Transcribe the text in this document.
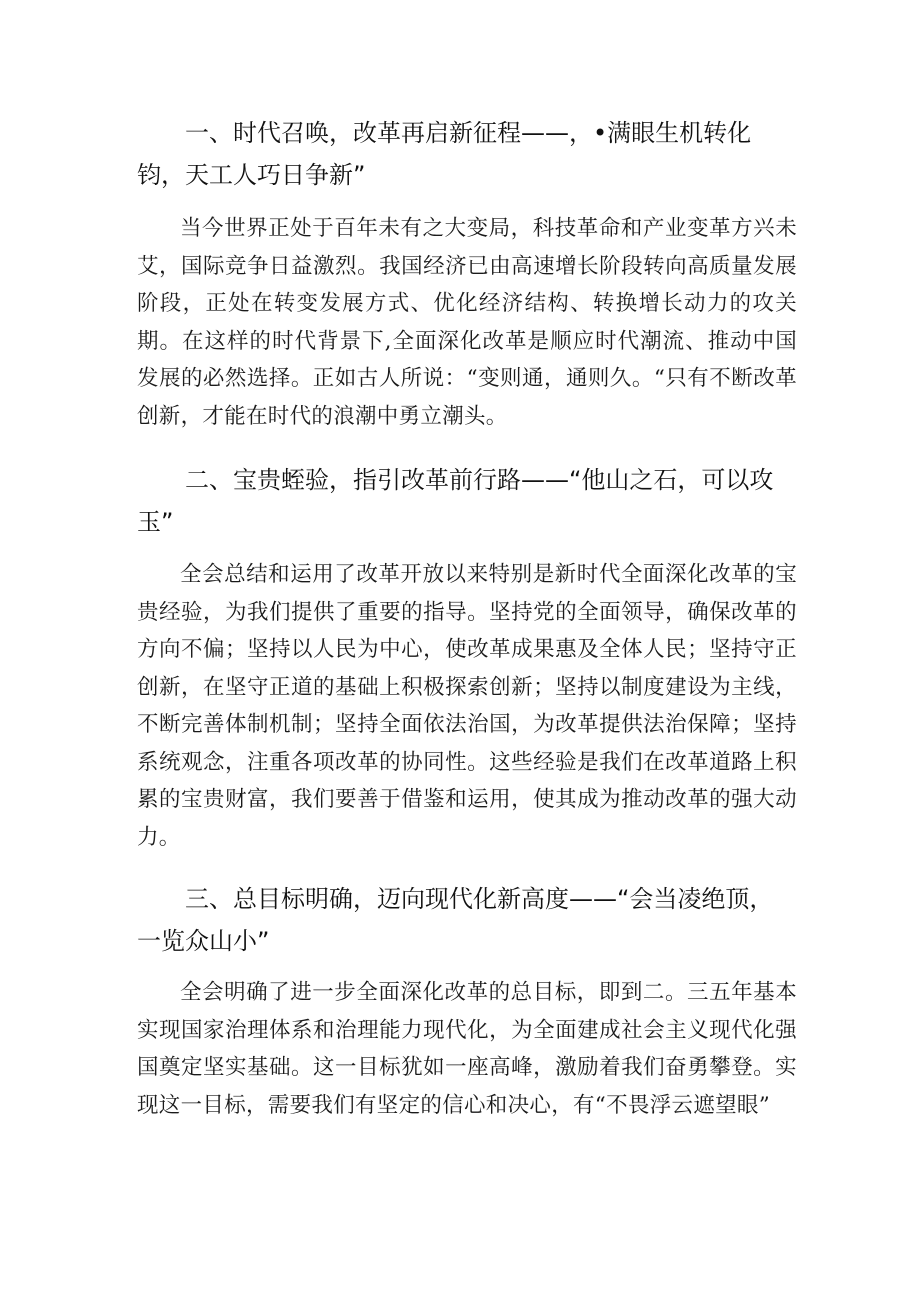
一、时代召唤，改革再启新征程——，•满眼生机转化钧，天工人巧日争新”

当今世界正处于百年未有之大变局，科技革命和产业变革方兴未艾，国际竞争日益激烈。我国经济已由高速增长阶段转向高质量发展阶段，正处在转变发展方式、优化经济结构、转换增长动力的攻关期。在这样的时代背景下,全面深化改革是顺应时代潮流、推动中国发展的必然选择。正如古人所说：“变则通，通则久。“只有不断改革创新，才能在时代的浪潮中勇立潮头。

二、宝贵蛭验，指引改革前行路——“他山之石，可以攻玉”

全会总结和运用了改革开放以来特别是新时代全面深化改革的宝贵经验，为我们提供了重要的指导。坚持党的全面领导，确保改革的方向不偏；坚持以人民为中心，使改革成果惠及全体人民；坚持守正创新，在坚守正道的基础上积极探索创新；坚持以制度建设为主线，不断完善体制机制；坚持全面依法治国，为改革提供法治保障；坚持系统观念，注重各项改革的协同性。这些经验是我们在改革道路上积累的宝贵财富，我们要善于借鉴和运用，使其成为推动改革的强大动力。

三、总目标明确，迈向现代化新高度——“会当凌绝顶，一览众山小”

全会明确了进一步全面深化改革的总目标，即到二。三五年基本实现国家治理体系和治理能力现代化，为全面建成社会主义现代化强国奠定坚实基础。这一目标犹如一座高峰，激励着我们奋勇攀登。实现这一目标，需要我们有坚定的信心和决心，有“不畏浮云遮望眼”
